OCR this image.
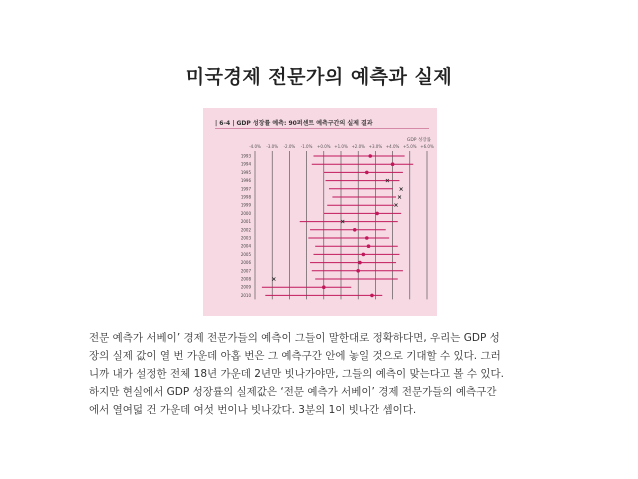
미국경제 전문가의 예측과 실제
| 6-4 | GDP 성장률 예측: 90퍼센트 예측구간의 실제 결과
GDP 성장률
-4.0% -3.0% -2.0% -1.0% +0.0% +1.0% +2.0% +3.0% +4.0% +5.0% +6.0%
1993
1994
1995
1996	×
1997	×
1998	×
1999	×
2000
2001	×
2002
2003
2004
2005
2006
2007
2008	×
2009
2010

전문 예측가 서베이’ 경제 전문가들의 예측이 그들이 말한대로 정확하다면, 우리는 GDP 성

장의 실제 값이 열 번 가운데 아홉 번은 그 예측구간 안에 놓일 것으로 기대할 수 있다. 그러

니까 내가 설정한 전체 18년 가운데 2년만 빗나가야만, 그들의 예측이 맞는다고 볼 수 있다.

하지만 현실에서 GDP 성장률의 실제값은 ‘전문 예측가 서베이’ 경제 전문가들의 예측구간

에서 열여덟 건 가운데 여섯 번이나 빗나갔다. 3분의 1이 빗나간 셈이다.
